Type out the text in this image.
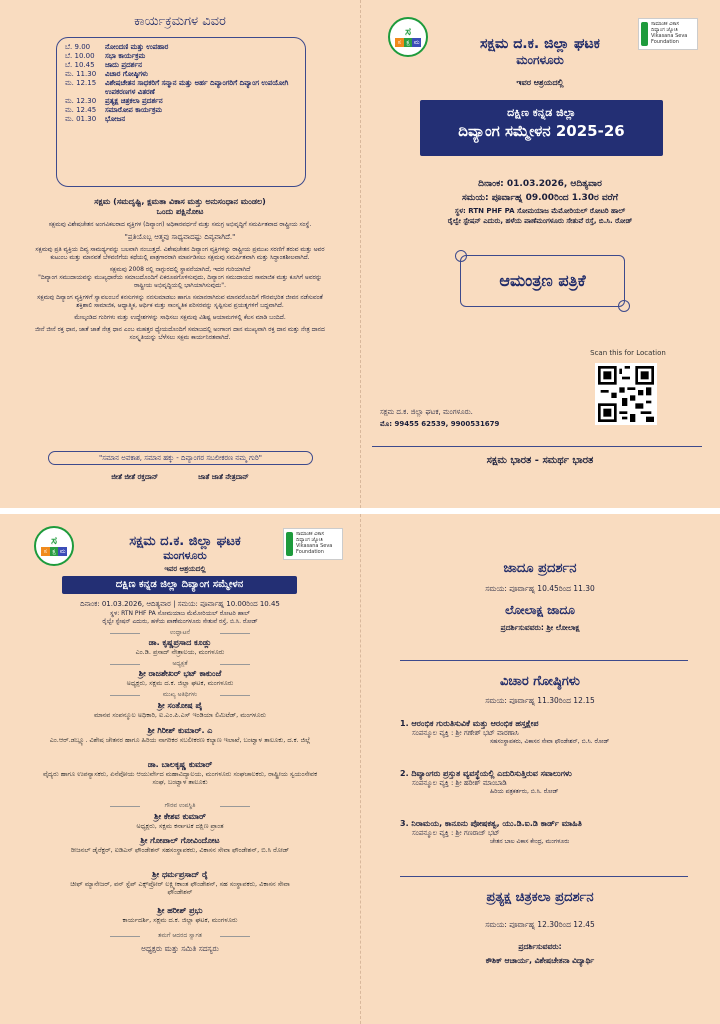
ಕಾರ್ಯಕ್ರಮಗಳ ವಿವರ
ಬೆ. 9.00	ನೋಂದಣಿ ಮತ್ತು ಉಪಹಾರ
ಬೆ. 10.00	ಸಭಾ ಕಾರ್ಯಕ್ರಮ
ಬೆ. 10.45	ಜಾದು ಪ್ರದರ್ಶನ
ಮ. 11.30	ವಿಚಾರ ಗೋಷ್ಠಿಗಳು
ಮ. 12.15	ವಿಶೇಷಚೇತನ ಸಾಧಕರಿಗೆ ಸನ್ಮಾನ ಮತ್ತು ಅರ್ಹ ದಿವ್ಯಾಂಗರಿಗೆ ದಿವ್ಯಾಂಗ ಉಪಯೋಗಿ ಉಪಕರಣಗಳ ವಿತರಣೆ
ಮ. 12.30	ಪ್ರತ್ಯಕ್ಷ ಚಿತ್ರಕಲಾ ಪ್ರದರ್ಶನ
ಮ. 12.45	ಸಮಾರೋಪ ಕಾರ್ಯಕ್ರಮ
ಮ. 01.30	ಭೋಜನ
ಸಕ್ಷಮ (ಸಮದೃಷ್ಟಿ, ಕ್ಷಮತಾ ವಿಕಾಸ ಮತ್ತು ಅನುಸಂಧಾನ ಮಂಡಲ)
ಒಂದು ಪಕ್ಷಿನೋಟ
ಸಕ್ಷಮವು ವಿಶೇಷಚೇತನ ಅಂಗವಿಕಲರಾದ ವ್ಯಕ್ತಿಗಳ (ದಿವ್ಯಾಂಗ) ಅಧಿಕಾರವರ್ಧನೆ ಮತ್ತು ಸಮಗ್ರ ಅಭಿವೃದ್ಧಿಗೆ ಸಮರ್ಪಿತವಾದ ರಾಷ್ಟ್ರೀಯ ಸಂಸ್ಥೆ.
"ಪ್ರತಿಯೊಬ್ಬ ಆತ್ಮವು ಸಾಧ್ಯವಾದಷ್ಟು ದಿವ್ಯವಾಗಿದೆ."
ಸಕ್ಷಮವು ಪ್ರತಿ ವ್ಯಕ್ತಿಯ ದಿವ್ಯ ಸಾಮರ್ಥ್ಯವನ್ನು ಬಲವಾಗಿ ನಂಬುತ್ತದೆ. ವಿಶೇಷಚೇತನ ದಿವ್ಯಾಂಗ ವ್ಯಕ್ತಿಗಳನ್ನು ರಾಷ್ಟ್ರೀಯ ಪ್ರಮುಖ ಸರಣಿಗೆ ತರುವ ಮತ್ತು ಅವರ ಕುಟುಂಬ ಮತ್ತು ಮಾನವತೆ ಬೆಳವಣಿಗೆಯ ಕಥೆಯಲ್ಲಿ ಪಾತ್ರಗಾರರಾಗಿ ಮಾರ್ಪಡಿಸಲು ಸಕ್ಷಮವು ಸಮರ್ಪಿತವಾಗಿ ಮತ್ತು ಸಿದ್ಧಾಂತಶೀಲವಾಗಿದೆ.
ಸಕ್ಷಮವು 2008 ರಲ್ಲಿ ನಾಗ್ಪುರದಲ್ಲಿ ಸ್ಥಾಪನೆಯಾಗಿದೆ, ಇದರ ಗುರಿಯಾಗಿದೆ
"ದಿವ್ಯಾಂಗ ಸಮುದಾಯವನ್ನು ಮುಖ್ಯಧಾರೆಯ ಸಮಾಜದೊಂದಿಗೆ ಏಕರೂಪಗೊಳಿಸುವುದು, ದಿವ್ಯಾಂಗ ಸಮುದಾಯದ ಸಾಮಾಜಿಕ ಮತ್ತು ಕೂಗಿಗೆ ಅವರನ್ನು ರಾಷ್ಟ್ರೀಯ ಅಭಿವೃದ್ಧಿಯಲ್ಲಿ ಭಾಗಿಯಾಗಿಸುವುದು".
ಸಕ್ಷಮವು ದಿವ್ಯಾಂಗ ವ್ಯಕ್ತಿಗಳಿಗೆ ಸ್ವಾವಲಂಬನೆ ಕನಸುಗಳನ್ನು ನನಸುಮಾಡಲು ಹಾಗೂ ಸಮಾನರಾಗಿರುವ ಮಾನವರೊಂದಿಗೆ ಗೌರವಭರಿತ ಜೀವನ ನಡೆಸುವಂತೆ ಶಕ್ತಿಶಾಲಿ ಸಾಮಾಜಿಕ, ಆಧ್ಯಾತ್ಮಿಕ, ಆರ್ಥಿಕ ಮತ್ತು ಸಾಂಸ್ಕೃತಿಕ ಪರಿಸರವನ್ನು ಸೃಷ್ಟಿಸುವ ಪ್ರಯತ್ನಗಳಿಗೆ ಬದ್ಧವಾಗಿದೆ.
ಮೇಲ್ಕಂಡಿದ ಗುರಿಗಳು ಮತ್ತು ಉದ್ದೇಶಗಳನ್ನು ಸಾಧಿಸಲು ಸಕ್ಷಮವು ವಿಶಿಷ್ಟ ಆಯಾಮಗಳಲ್ಲಿ ಕೆಲಸ ಮಾಡಿ ಬಂದಿದೆ.
ಜೀನೆ ಜೀನೆ ರಕ್ತ ಧಾನ, ಜಾತೆ ಜಾತೆ ನೇತ್ರ ಧಾನ ಎಂಬ ಮಹತ್ತರ ಧ್ಯೇಯದೊಂದಿಗೆ ಸಮಾಜದಲ್ಲಿ ಅಂಗಾಂಗ ದಾನ ಮುಖ್ಯವಾಗಿ ರಕ್ತ ದಾನ ಮತ್ತು ನೇತ್ರ ದಾನದ ಸಂಸ್ಕೃತಿಯನ್ನು ಬೆಳೆಸಲು ಸಕ್ಷಮ ಕಾರ್ಯನಿರತವಾಗಿದೆ.
"ಸಮಾನ ಅವಕಾಶ, ಸಮಾನ ಹಕ್ಕು - ದಿವ್ಯಾಂಗರ ಸಬಲೀಕರಣ ನಮ್ಮ ಗುರಿ"
ಜೀತೆ ಜೀತೆ ರಕ್ತದಾನ್	ಜಾತೆ ಜಾತೆ ನೇತ್ರದಾನ್
ಸ
ಸ ಕ್ಷ ಮ
ಸಾಮಾಜಿಕ ವಿಕಾಸ
ದಿವ್ಯಾಂಗ ಜ್ಯೋತಿ
Vikasana Seva Foundation
ಸಕ್ಷಮ ದ.ಕ. ಜಿಲ್ಲಾ ಘಟಕ
ಮಂಗಳೂರು
ಇವರ ಆಶ್ರಯದಲ್ಲಿ
ದಕ್ಷಿಣ ಕನ್ನಡ ಜಿಲ್ಲಾ
ದಿವ್ಯಾಂಗ ಸಮ್ಮೇಳನ 2025-26
ದಿನಾಂಕ: 01.03.2026, ಆದಿತ್ಯವಾರ
ಸಮಯ: ಪೂರ್ವಾಹ್ನ 09.00ರಿಂದ 1.30ರ ವರೆಗೆ
ಸ್ಥಳ: RTN PHF PA ಸೋಮಯಾಜ ಮೆಮೋರಿಯಲ್ ರೋಟರಿ ಹಾಲ್
ರೈಲ್ವೇ ಸ್ಟೇಷನ್ ಎದುರು, ಹಳೆಯ ಪಾಣೆಮಂಗಳೂರು ಸೇತುವೆ ರಸ್ತೆ, ಬಿ.ಸಿ. ರೋಡ್
ಆಮಂತ್ರಣ ಪತ್ರಿಕೆ
Scan this for Location
ಸಕ್ಷಮ ದ.ಕ. ಜಿಲ್ಲಾ ಘಟಕ, ಮಂಗಳೂರು.
ಮೊ: 99455 62539, 9900531679
ಸಕ್ಷಮ ಭಾರತ - ಸಮರ್ಥ ಭಾರತ
ಸ
ಸ ಕ್ಷ ಮ
ಸಾಮಾಜಿಕ ವಿಕಾಸ
ದಿವ್ಯಾಂಗ ಜ್ಯೋತಿ
Vikasana Seva Foundation
ಸಕ್ಷಮ ದ.ಕ. ಜಿಲ್ಲಾ ಘಟಕ
ಮಂಗಳೂರು
ಇವರ ಆಶ್ರಯದಲ್ಲಿ
ದಕ್ಷಿಣ ಕನ್ನಡ ಜಿಲ್ಲಾ ದಿವ್ಯಾಂಗ ಸಮ್ಮೇಳನ
ದಿನಾಂಕ: 01.03.2026, ಆದಿತ್ಯವಾರ | ಸಮಯ: ಪೂರ್ವಾಹ್ನ 10.00ರಿಂದ 10.45
ಸ್ಥಳ: RTN PHF PA ಸೋಮಯಾಜ ಮೆಮೋರಿಯಲ್ ರೋಟರಿ ಹಾಲ್
ರೈಲ್ವೇ ಸ್ಟೇಷನ್ ಎದುರು, ಹಳೆಯ ಪಾಣೆಮಂಗಳೂರು ಸೇತುವೆ ರಸ್ತೆ, ಬಿ.ಸಿ. ರೋಡ್
ಉದ್ಘಾಟನೆ
ಡಾ. ಕೃಷ್ಣಪ್ರಸಾದ ಕೂಡ್ಲು
ಎಂ.ಡಿ. ಪ್ರಸಾದ್ ನೇತ್ರಾಲಯ, ಮಂಗಳೂರು
ಅಧ್ಯಕ್ಷತೆ
ಶ್ರೀ ರಾಜಶೇಖರ್ ಭಟ್ ಕಾಕುಂಜೆ
ಅಧ್ಯಕ್ಷರು, ಸಕ್ಷಮ ದ.ಕ. ಜಿಲ್ಲಾ ಘಟಕ, ಮಂಗಳೂರು
ಮುಖ್ಯ ಅತಿಥಿಗಳು
ಶ್ರೀ ಸಂತೋಷ ಪೈ
ಮಾನವ ಸಂಪನ್ಮೂಲ ಅಧಿಕಾರಿ, ಐ.ಎಂ.ಪಿ.ಎಸ್ ಇಂಡಿಯಾ ಲಿಮಿಟೆಡ್, ಮಂಗಳೂರು
ಶ್ರೀ ಗಿರೀಶ್ ಕುಮಾರ್. ಎ
ಎಂ.ಆರ್.ಡಬ್ಲ್ಯೂ. ವಿಶೇಷ ಚೇತನರ ಹಾಗೂ ಹಿರಿಯ ನಾಗರಿಕರ ಸಬಲೀಕರಣ ಕಲ್ಯಾಣ ಇಲಾಖೆ, ಬಂಟ್ವಾಳ ತಾಲೂಕು, ದ.ಕ. ಜಿಲ್ಲೆ
ಡಾ. ಬಾಲಕೃಷ್ಣ ಕುಮಾರ್
ವೈದ್ಯರು ಹಾಗೂ ಉಪನ್ಯಾಸಕರು, ಏನೆಪೋಯ ಆಯುರ್ವೇದ ಮಹಾವಿದ್ಯಾಲಯ, ಮಂಗಳೂರು ಸಂಘಚಾಲಕರು, ರಾಷ್ಟ್ರೀಯ ಸ್ವಯಂಸೇವಕ ಸಂಘ, ಬಂಟ್ವಾಳ ತಾಲೂಕು
ಗೌರವ ಉಪಸ್ಥಿತಿ
ಶ್ರೀ ಕೇಶವ ಕುಮಾರ್
ಅಧ್ಯಕ್ಷರು, ಸಕ್ಷಮ ಕರ್ನಾಟಕ ದಕ್ಷಿಣ ಪ್ರಾಂತ
ಶ್ರೀ ಗೋಪಾಲ್ ಗೋವಿಂದೋಟ
ರೀಜನಲ್ ಡೈರೆಕ್ಟರ್, ಐಡಿಎಸ್ ಫೌಂಡೇಶನ್ ಸಹಸಂಸ್ಥಾಪಕರು, ವಿಕಾಸನ ಸೇವಾ ಫೌಂಡೇಶನ್, ಬಿ.ಸಿ ರೋಡ್
ಶ್ರೀ ಧರ್ಮಪ್ರಸಾದ್ ರೈ
ಚೀಫ್ ಮ್ಯಾನೇಜರ್, ವನ್ ಸ್ಟೆಪ್ ಎಕ್ಸ್‌ಪ್ರೋರ್ ಲಕ್ಷ್ಮೀಕಾಂತ ಫೌಂಡೇಶನ್, ಸಹ ಸಂಸ್ಥಾಪಕರು, ವಿಕಾಸನ ಸೇವಾ ಫೌಂಡೇಶನ್
ಶ್ರೀ ಹರೀಶ್ ಪ್ರಭು
ಕಾರ್ಯದರ್ಶಿ, ಸಕ್ಷಮ ದ.ಕ. ಜಿಲ್ಲಾ ಘಟಕ, ಮಂಗಳೂರು
ತಮಗೆ ಆದರದ ಸ್ವಾಗತ
ಅಧ್ಯಕ್ಷರು ಮತ್ತು ಸಮಿತಿ ಸದಸ್ಯರು
ಜಾದೂ ಪ್ರದರ್ಶನ
ಸಮಯ: ಪೂರ್ವಾಹ್ನ 10.45ರಿಂದ 11.30
ಲೋಲಾಕ್ಷ ಜಾದೂ
ಪ್ರದರ್ಶಿಸುವವರು: ಶ್ರೀ ಲೋಲಾಕ್ಷ
ವಿಚಾರ ಗೋಷ್ಠಿಗಳು
ಸಮಯ: ಪೂರ್ವಾಹ್ನ 11.30ರಿಂದ 12.15
1. ಆರಂಭಿಕ ಗುರುತಿಸುವಿಕೆ ಮತ್ತು ಆರಂಭಿಕ ಹಸ್ತಕ್ಷೇಪ
ಸಂಪನ್ಮೂಲ ವ್ಯಕ್ತಿ : ಶ್ರೀ ಗಣೇಶ್ ಭಟ್ ವಾರಣಾಸಿ
ಸಹಸಂಸ್ಥಾಪಕರು, ವಿಕಾಸನ ಸೇವಾ ಫೌಂಡೇಶನ್, ಬಿ.ಸಿ. ರೋಡ್
2. ದಿವ್ಯಾಂಗರು ಪ್ರಸ್ತುತ ವ್ಯವಸ್ಥೆಯಲ್ಲಿ ಎದುರಿಸುತ್ತಿರುವ ಸವಾಲುಗಳು
ಸಂಪನ್ಮೂಲ ವ್ಯಕ್ತಿ : ಶ್ರೀ ಹರೀಶ್ ಮಾಂಬಾಡಿ
ಹಿರಿಯ ಪತ್ರಕರ್ತರು, ಬಿ.ಸಿ. ರೋಡ್
3. ನಿರಾಮಯ, ಕಾನೂನು ಪೋಷಕತ್ವ, ಯು.ಡಿ.ಐ.ಡಿ ಕಾರ್ಡ್ ಮಾಹಿತಿ
ಸಂಪನ್ಮೂಲ ವ್ಯಕ್ತಿ : ಶ್ರೀ ಗಣರಾಜ್ ಭಟ್
ಚೇತನ ಬಾಲ ವಿಕಾಸ ಕೇಂದ್ರ, ಮಂಗಳೂರು
ಪ್ರತ್ಯಕ್ಷ ಚಿತ್ರಕಲಾ ಪ್ರದರ್ಶನ
ಸಮಯ: ಪೂರ್ವಾಹ್ನ 12.30ರಿಂದ 12.45
ಪ್ರದರ್ಶಿಸುವವರು:
ಕೌಶಿಕ್ ಆಚಾರ್ಯ, ವಿಶೇಷಚೇತನಾ ವಿದ್ಯಾರ್ಥಿ
